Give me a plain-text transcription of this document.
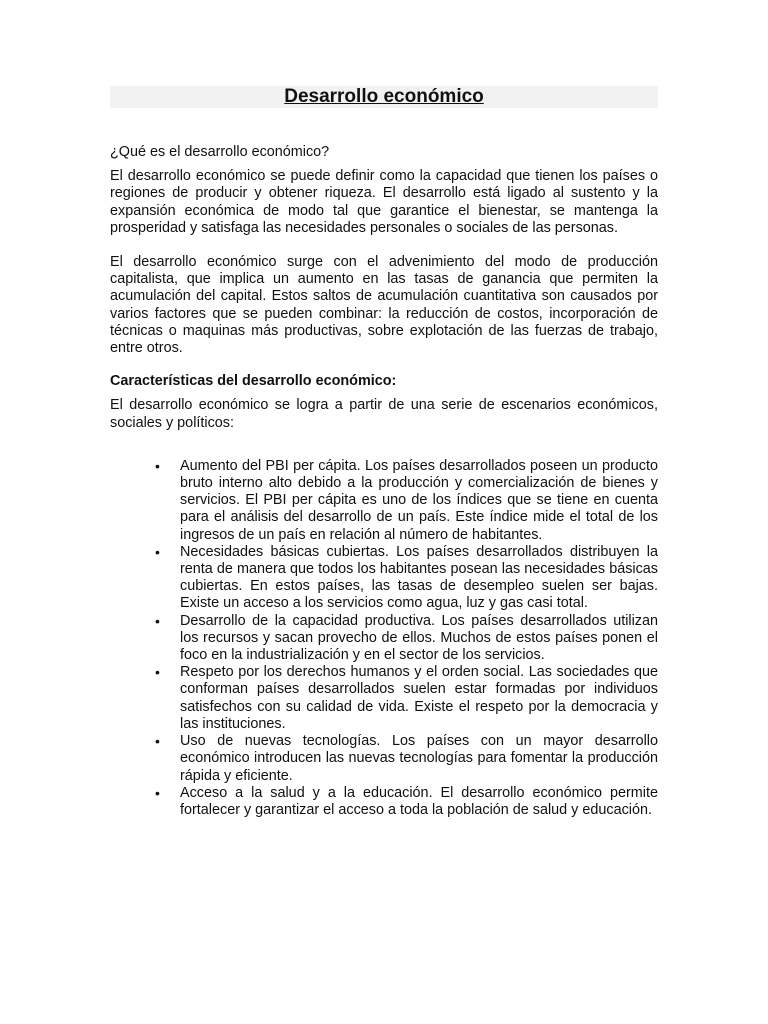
Desarrollo económico

¿Qué es el desarrollo económico?

El desarrollo económico se puede definir como la capacidad que tienen los países o regiones de producir y obtener riqueza. El desarrollo está ligado al sustento y la expansión económica de modo tal que garantice el bienestar, se mantenga la prosperidad y satisfaga las necesidades personales o sociales de las personas.

El desarrollo económico surge con el advenimiento del modo de producción capitalista, que implica un aumento en las tasas de ganancia que permiten la acumulación del capital. Estos saltos de acumulación cuantitativa son causados por varios factores que se pueden combinar: la reducción de costos, incorporación de técnicas o maquinas más productivas, sobre explotación de las fuerzas de trabajo, entre otros.

Características del desarrollo económico:

El desarrollo económico se logra a partir de una serie de escenarios económicos, sociales y políticos:

• Aumento del PBI per cápita. Los países desarrollados poseen un producto bruto interno alto debido a la producción y comercialización de bienes y servicios. El PBI per cápita es uno de los índices que se tiene en cuenta para el análisis del desarrollo de un país. Este índice mide el total de los ingresos de un país en relación al número de habitantes.
• Necesidades básicas cubiertas. Los países desarrollados distribuyen la renta de manera que todos los habitantes posean las necesidades básicas cubiertas. En estos países, las tasas de desempleo suelen ser bajas. Existe un acceso a los servicios como agua, luz y gas casi total.
• Desarrollo de la capacidad productiva. Los países desarrollados utilizan los recursos y sacan provecho de ellos. Muchos de estos países ponen el foco en la industrialización y en el sector de los servicios.
• Respeto por los derechos humanos y el orden social. Las sociedades que conforman países desarrollados suelen estar formadas por individuos satisfechos con su calidad de vida. Existe el respeto por la democracia y las instituciones.
• Uso de nuevas tecnologías. Los países con un mayor desarrollo económico introducen las nuevas tecnologías para fomentar la producción rápida y eficiente.
• Acceso a la salud y a la educación. El desarrollo económico permite fortalecer y garantizar el acceso a toda la población de salud y educación.
